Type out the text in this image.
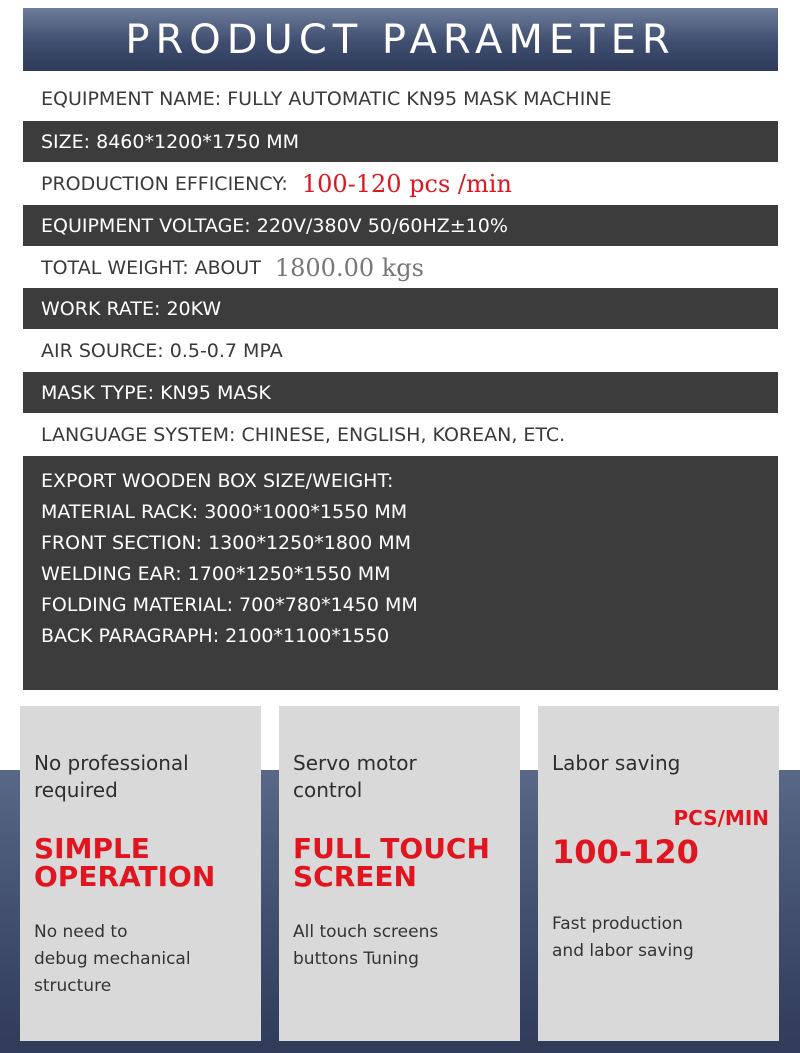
PRODUCT PARAMETER
EQUIPMENT NAME: FULLY AUTOMATIC KN95 MASK MACHINE
SIZE: 8460*1200*1750 MM
PRODUCTION EFFICIENCY: 100-120 pcs /min
EQUIPMENT VOLTAGE: 220V/380V 50/60HZ±10%
TOTAL WEIGHT: ABOUT 1800.00 kgs
WORK RATE: 20KW
AIR SOURCE: 0.5-0.7 MPA
MASK TYPE: KN95 MASK
LANGUAGE SYSTEM: CHINESE, ENGLISH, KOREAN, ETC.
EXPORT WOODEN BOX SIZE/WEIGHT:
MATERIAL RACK: 3000*1000*1550 MM
FRONT SECTION: 1300*1250*1800 MM
WELDING EAR: 1700*1250*1550 MM
FOLDING MATERIAL: 700*780*1450 MM
BACK PARAGRAPH: 2100*1100*1550
No professional
required
SIMPLE
OPERATION
No need to
debug mechanical
structure
Servo motor
control
FULL TOUCH
SCREEN
All touch screens
buttons Tuning
Labor saving
PCS/MIN
100-120
Fast production
and labor saving
